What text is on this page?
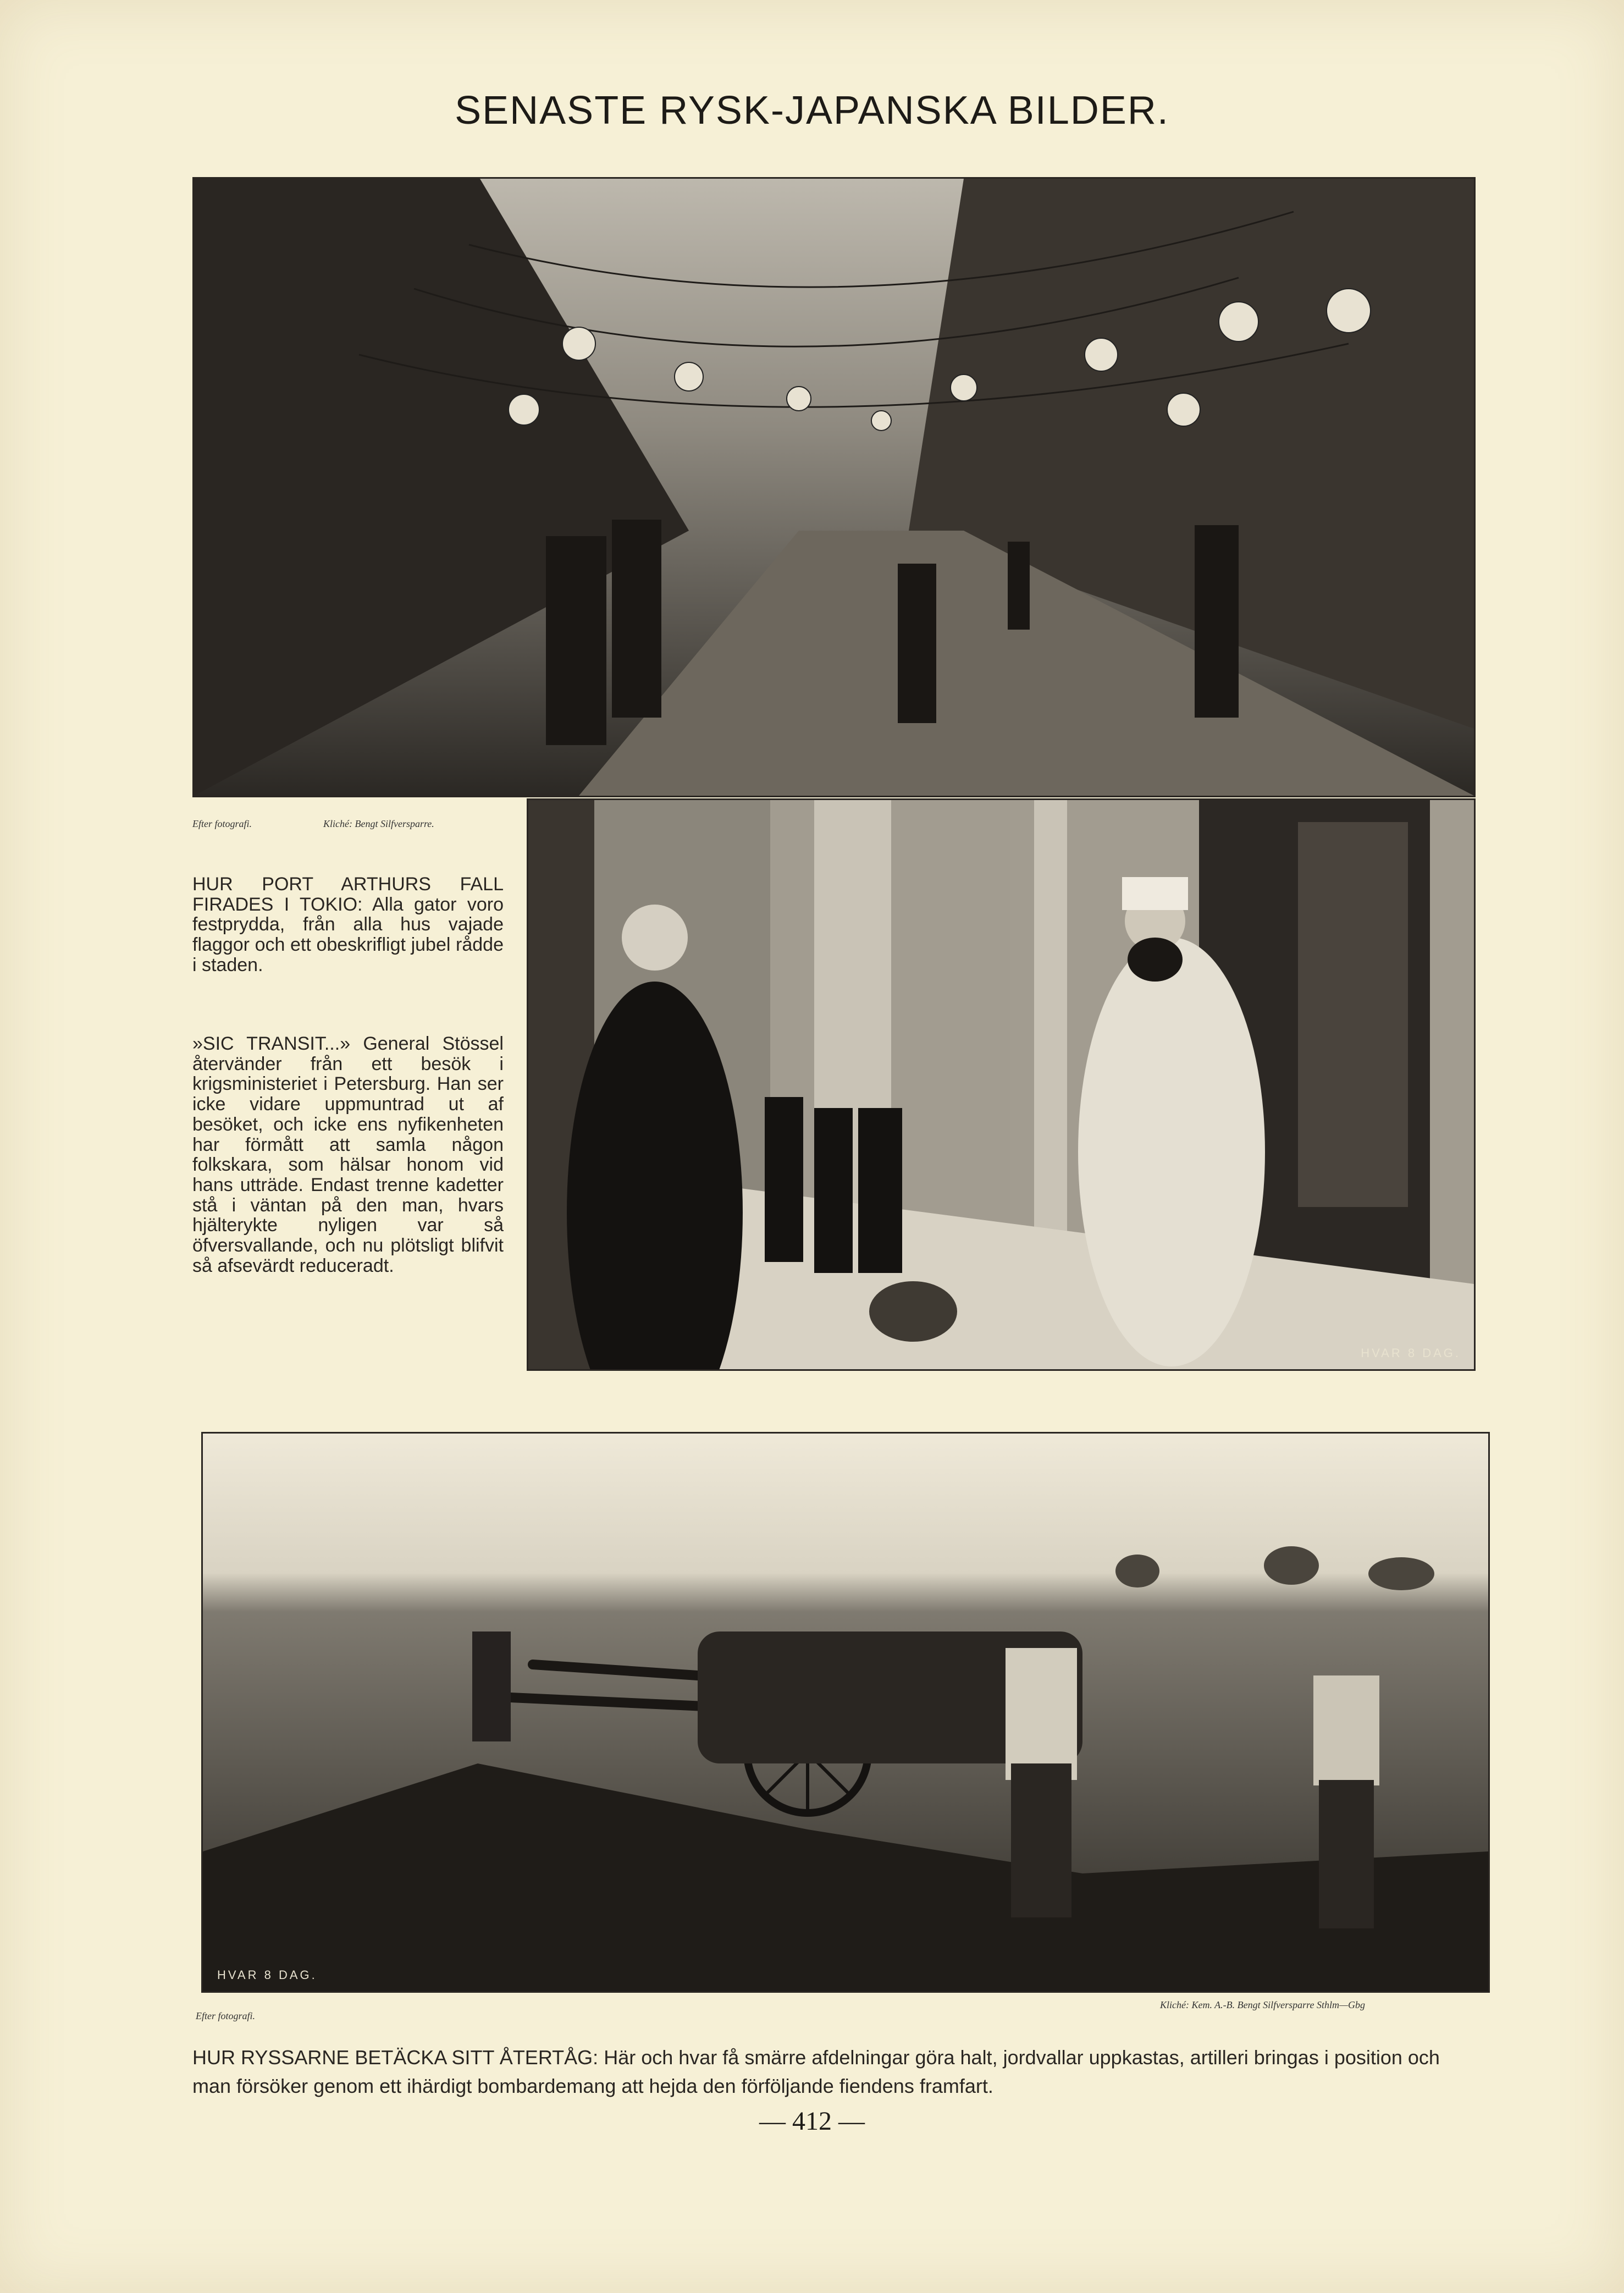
SENASTE RYSK-JAPANSKA BILDER.
Efter fotografi.	Kliché: Bengt Silfversparre.
HUR PORT ARTHURS FALL FIRADES I TOKIO: Alla gator voro festprydda, från alla hus vajade flaggor och ett obeskrifligt jubel rådde i staden.
»SIC TRANSIT...» General Stössel återvänder från ett besök i krigsministeriet i Petersburg. Han ser icke vidare uppmuntrad ut af besöket, och icke ens nyfikenheten har förmått att samla någon folkskara, som hälsar honom vid hans utträde. Endast trenne kadetter stå i väntan på den man, hvars hjälterykte nyligen var så öfversvallande, och nu plötsligt blifvit så afsevärdt reduceradt.
HVAR 8 DAG.
HVAR 8 DAG.
Efter fotografi.
Kliché: Kem. A.-B. Bengt Silfversparre Sthlm—Gbg
HUR RYSSARNE BETÄCKA SITT ÅTERTÅG: Här och hvar få smärre afdelningar göra halt, jordvallar uppkastas, artilleri bringas i position och man försöker genom ett ihärdigt bombardemang att hejda den förföljande fiendens framfart.
— 412 —
